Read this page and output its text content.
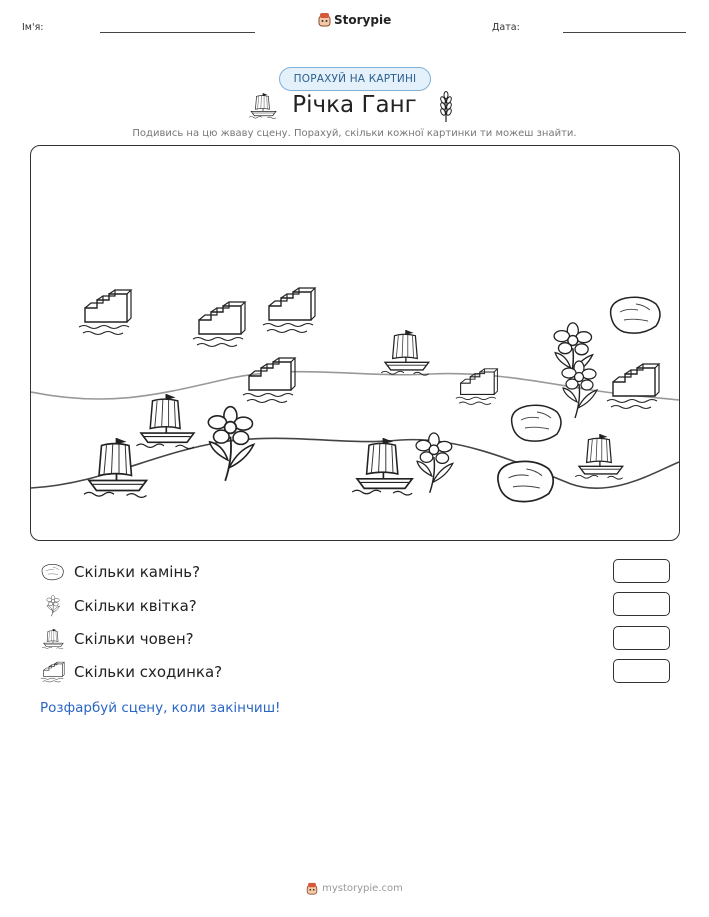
Ім'я:
Storypie
Дата:
ПОРАХУЙ НА КАРТИНІ
Річка Ганг
Подивись на цю жваву сцену. Порахуй, скільки кожної картинки ти можеш знайти.
Скільки камінь?
Скільки квітка?
Скільки човен?
Скільки сходинка?
Розфарбуй сцену, коли закінчиш!
mystorypie.com
